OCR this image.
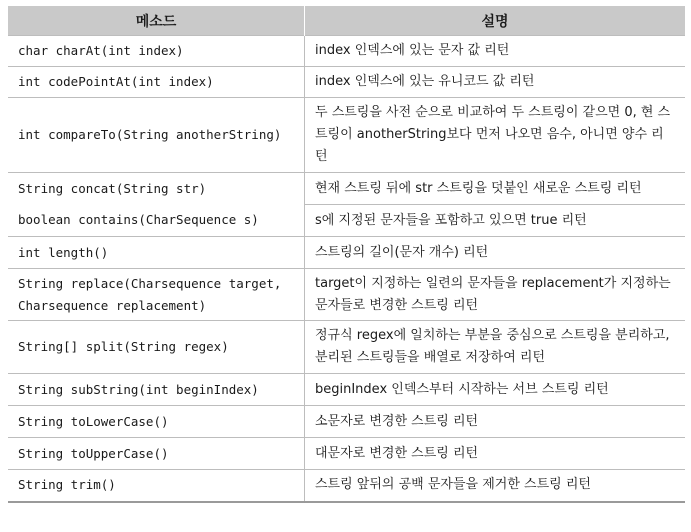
메소드	설명
char charAt(int index)	index 인덱스에 있는 문자 값 리턴
int codePointAt(int index)	index 인덱스에 있는 유니코드 값 리턴
int compareTo(String anotherString)	두 스트링을 사전 순으로 비교하여 두 스트링이 같으면 0, 현 스트링이 anotherString보다 먼저 나오면 음수, 아니면 양수 리턴
String concat(String str)	현재 스트링 뒤에 str 스트링을 덧붙인 새로운 스트링 리턴
boolean contains(CharSequence s)	s에 지정된 문자들을 포함하고 있으면 true 리턴
int length()	스트링의 길이(문자 개수) 리턴
String replace(Charsequence target, Charsequence replacement)	target이 지정하는 일련의 문자들을 replacement가 지정하는 문자들로 변경한 스트링 리턴
String[] split(String regex)	정규식 regex에 일치하는 부분을 중심으로 스트링을 분리하고, 분리된 스트링들을 배열로 저장하여 리턴
String subString(int beginIndex)	beginIndex 인덱스부터 시작하는 서브 스트링 리턴
String toLowerCase()	소문자로 변경한 스트링 리턴
String toUpperCase()	대문자로 변경한 스트링 리턴
String trim()	스트링 앞뒤의 공백 문자들을 제거한 스트링 리턴
